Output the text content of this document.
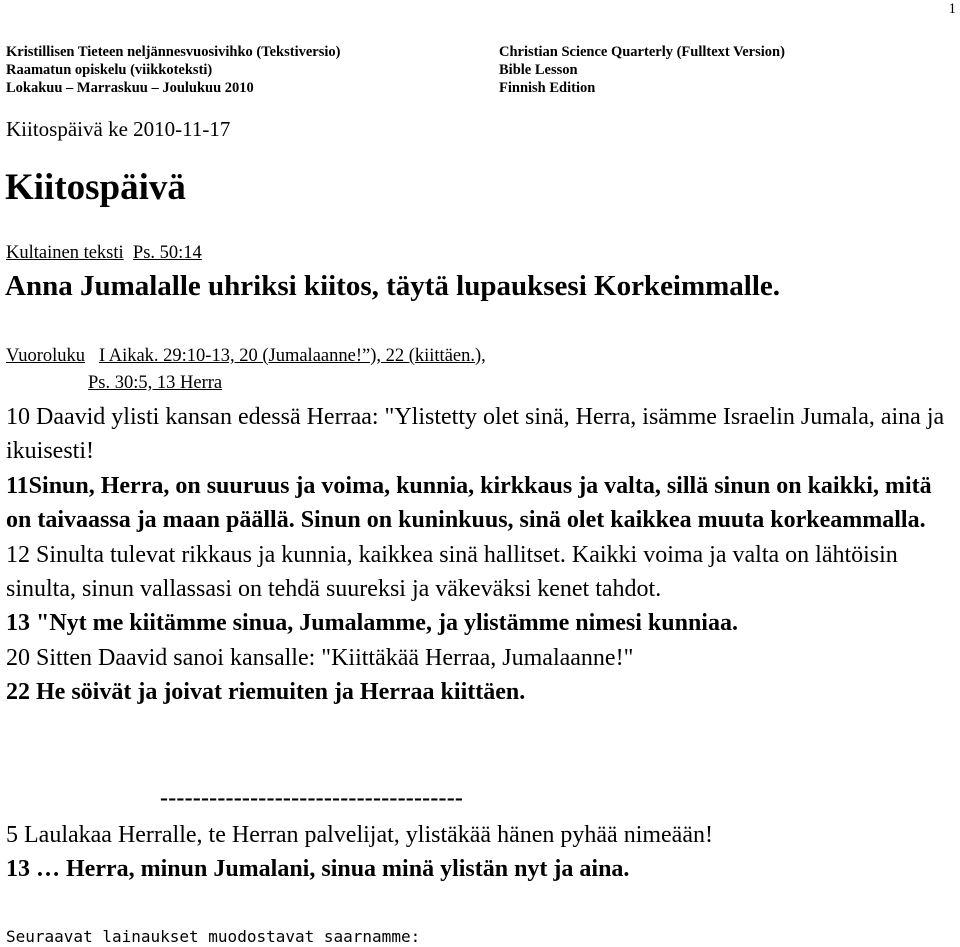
1
Kristillisen Tieteen neljännesvuosivihko (Tekstiversio)
Raamatun opiskelu (viikkoteksti)
Lokakuu – Marraskuu – Joulukuu 2010
Christian Science Quarterly (Fulltext Version)
Bible Lesson
Finnish Edition
Kiitospäivä ke 2010-11-17
Kiitospäivä
Kultainen teksti Ps. 50:14
Anna Jumalalle uhriksi kiitos, täytä lupauksesi Korkeimmalle.
Vuoroluku I Aikak. 29:10-13, 20 (Jumalaanne!”), 22 (kiittäen.),
Ps. 30:5, 13 Herra

10 Daavid ylisti kansan edessä Herraa: "Ylistetty olet sinä, Herra, isämme Israelin Jumala, aina ja ikuisesti!

11Sinun, Herra, on suuruus ja voima, kunnia, kirkkaus ja valta, sillä sinun on kaikki, mitä on taivaassa ja maan päällä. Sinun on kuninkuus, sinä olet kaikkea muuta korkeammalla.

12 Sinulta tulevat rikkaus ja kunnia, kaikkea sinä hallitset. Kaikki voima ja valta on lähtöisin sinulta, sinun vallassasi on tehdä suureksi ja väkeväksi kenet tahdot.

13 "Nyt me kiitämme sinua, Jumalamme, ja ylistämme nimesi kunniaa.

20 Sitten Daavid sanoi kansalle: "Kiittäkää Herraa, Jumalaanne!"

22 He söivät ja joivat riemuiten ja Herraa kiittäen.

-------------------------------------

5 Laulakaa Herralle, te Herran palvelijat, ylistäkää hänen pyhää nimeään!

13 … Herra, minun Jumalani, sinua minä ylistän nyt ja aina.

Seuraavat lainaukset muodostavat saarnamme:
